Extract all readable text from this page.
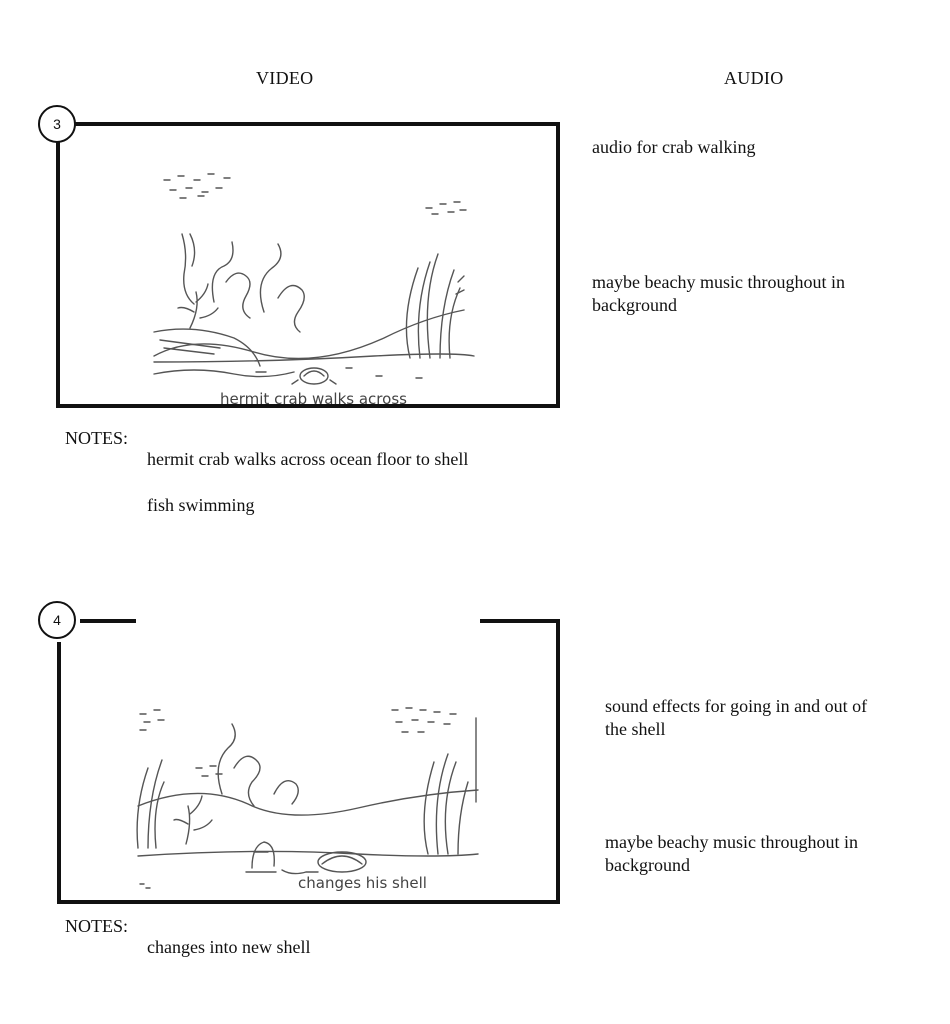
VIDEO	AUDIO
hermit crab walks across
3
NOTES:

hermit crab walks across ocean floor to shell

fish swimming

audio for crab walking
maybe beachy music throughout in background
changes his shell
4
NOTES:

changes into new shell

sound effects for going in and out of the shell
maybe beachy music throughout in background
